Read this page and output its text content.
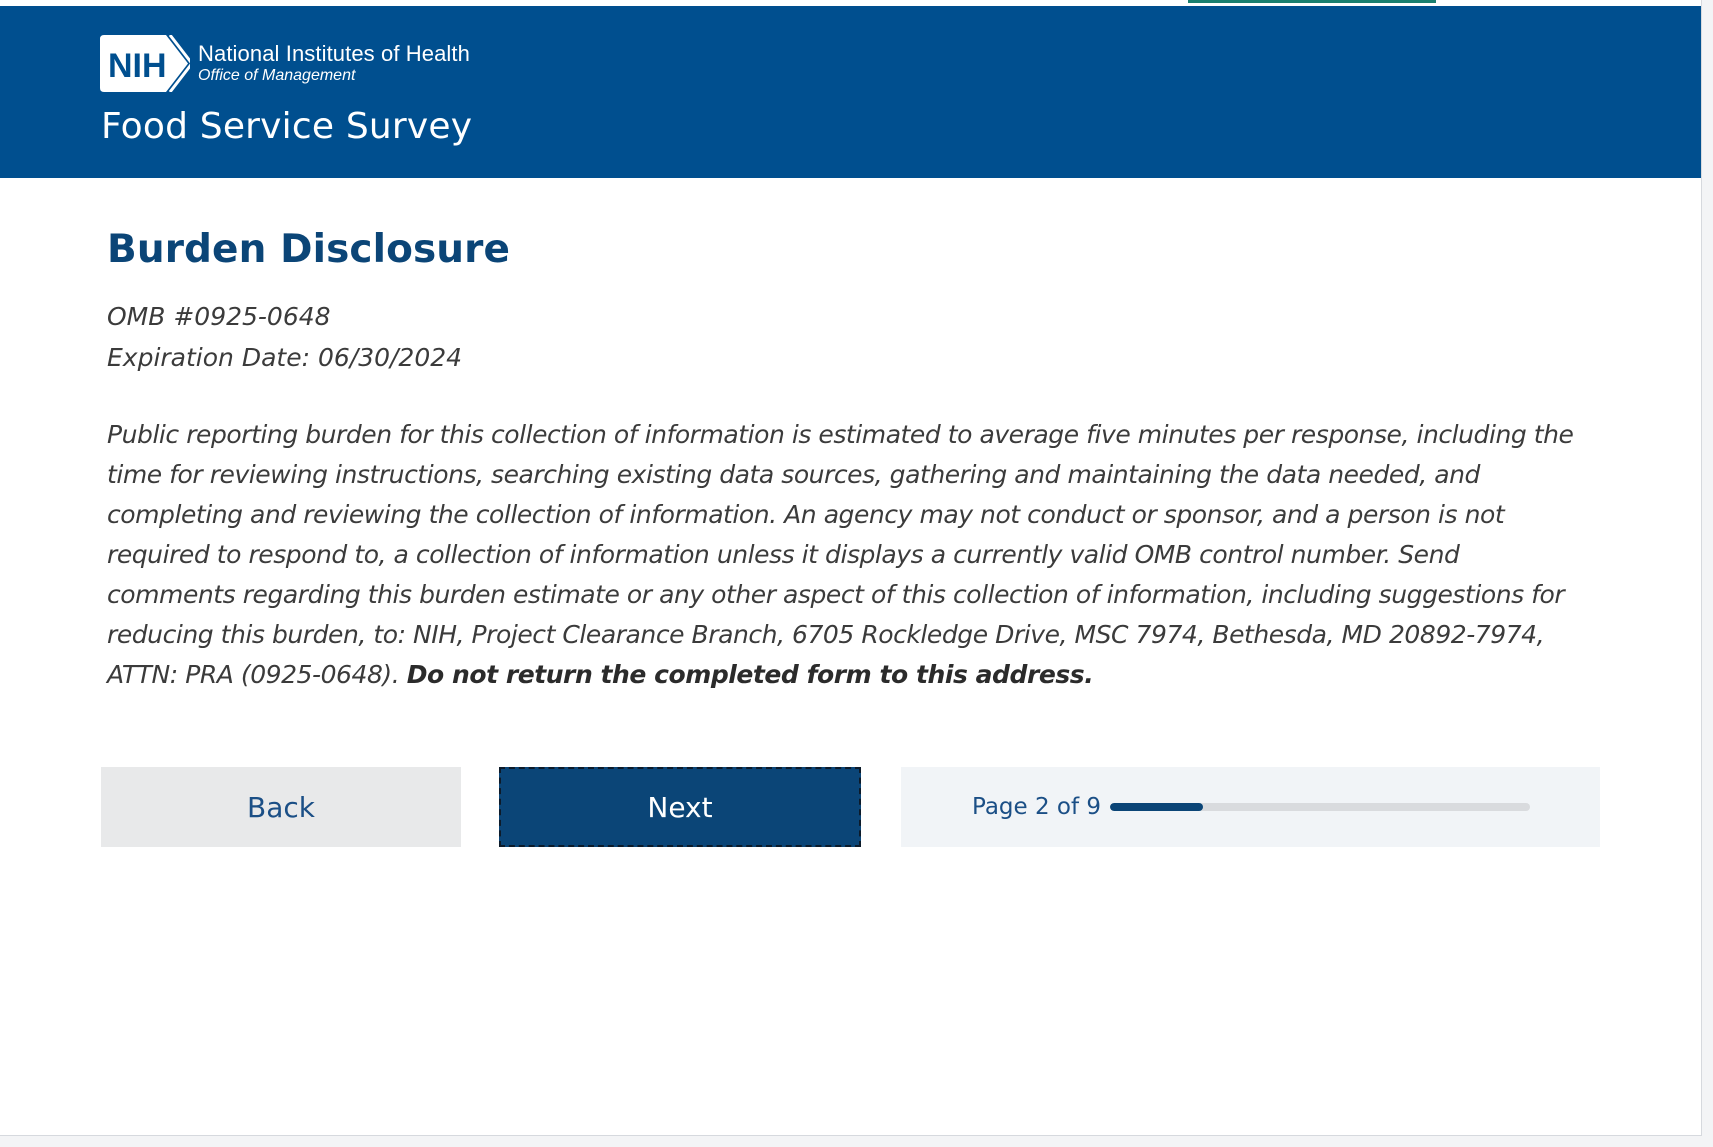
NIH National Institutes of Health
Office of Management
Food Service Survey
Burden Disclosure
OMB #0925-0648
Expiration Date: 06/30/2024

Public reporting burden for this collection of information is estimated to average five minutes per response, including the time for reviewing instructions, searching existing data sources, gathering and maintaining the data needed, and completing and reviewing the collection of information. An agency may not conduct or sponsor, and a person is not required to respond to, a collection of information unless it displays a currently valid OMB control number. Send comments regarding this burden estimate or any other aspect of this collection of information, including suggestions for reducing this burden, to: NIH, Project Clearance Branch, 6705 Rockledge Drive, MSC 7974, Bethesda, MD 20892-7974, ATTN: PRA (0925-0648). Do not return the completed form to this address.

Back	Next	Page 2 of 9
